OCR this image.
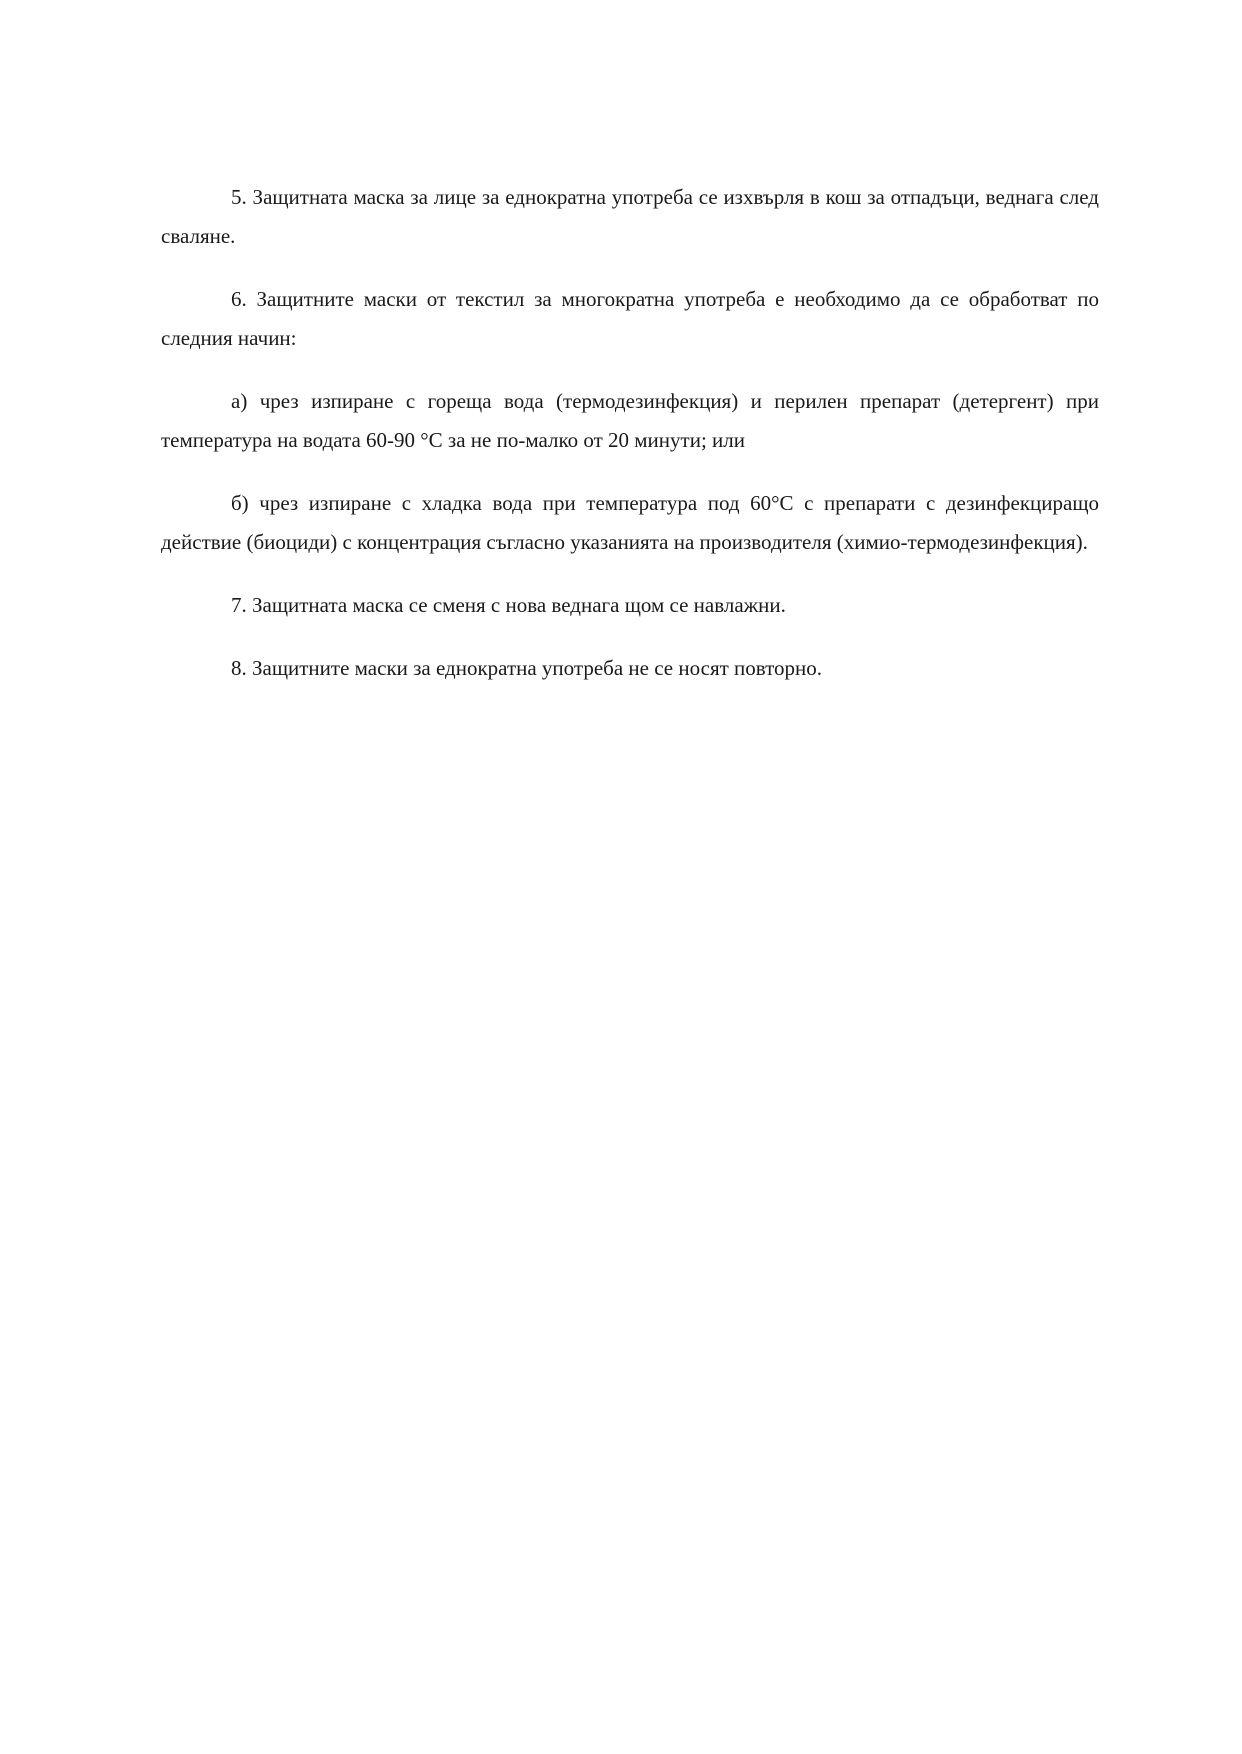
5. Защитната маска за лице за еднократна употреба се изхвърля в кош за отпадъци, веднага след сваляне.

6. Защитните маски от текстил за многократна употреба е необходимо да се обработват по следния начин:

а) чрез изпиране с гореща вода (термодезинфекция) и перилен препарат (детергент) при температура на водата 60-90 °С за не по-малко от 20 минути; или

б) чрез изпиране с хладка вода при температура под 60°С с препарати с дезинфекциращо действие (биоциди) с концентрация съгласно указанията на производителя (химио-термодезинфекция).

7. Защитната маска се сменя с нова веднага щом се навлажни.

8. Защитните маски за еднократна употреба не се носят повторно.
